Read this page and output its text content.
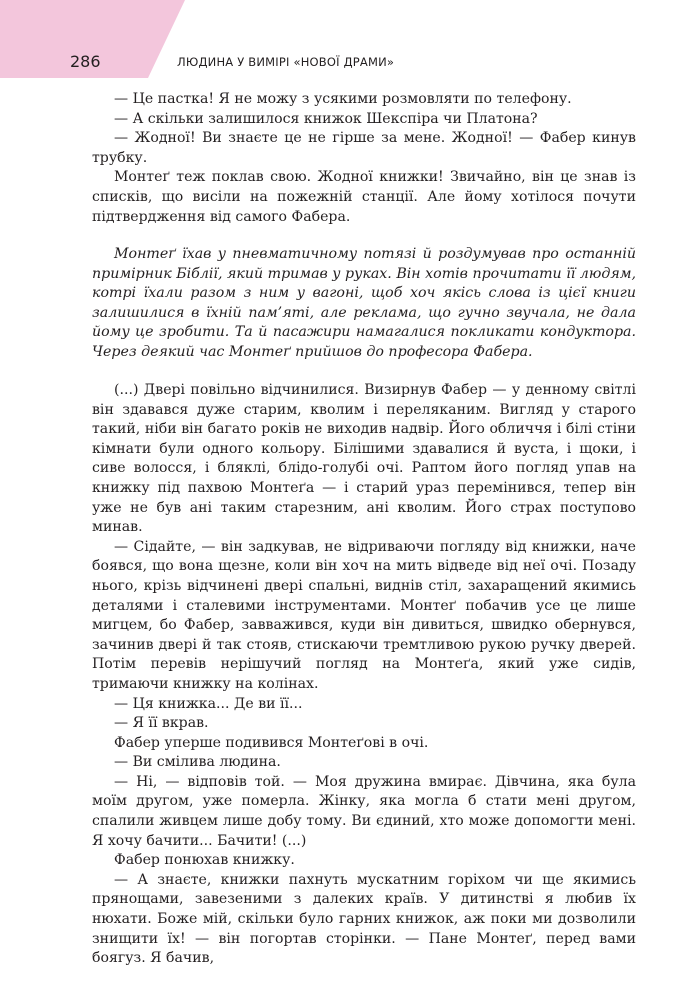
286	ЛЮДИНА У ВИМІРІ «НОВОЇ ДРАМИ»

— Це пастка! Я не можу з усякими розмовляти по телефону.

— А скільки залишилося книжок Шекспіра чи Платона?

— Жодної! Ви знаєте це не гірше за мене. Жодної! — Фабер кинув трубку.

Монтеґ теж поклав свою. Жодної книжки! Звичайно, він це знав із списків, що висіли на пожежній станції. Але йому хотілося почути підтвердження від самого Фабера.

Монтеґ їхав у пневматичному потязі й роздумував про останній примірник Біблії, який тримав у руках. Він хотів прочитати її людям, котрі їхали разом з ним у вагоні, щоб хоч якісь слова із цієї книги залишилися в їхній пам’яті, але реклама, що гучно звучала, не дала йому це зробити. Та й пасажири намагалися покликати кондуктора. Через деякий час Монтеґ прийшов до професора Фабера.

(...) Двері повільно відчинилися. Визирнув Фабер — у денному світлі він здавався дуже старим, кволим і переляканим. Вигляд у старого такий, ніби він багато років не виходив надвір. Його обличчя і білі стіни кімнати були одного кольору. Білішими здавалися й вуста, і щоки, і сиве волосся, і бляклі, блідо-голубі очі. Раптом його погляд упав на книжку під пахвою Монтеґа — і старий ураз перемінився, тепер він уже не був ані таким старезним, ані кволим. Його страх поступово минав.

— Сідайте, — він задкував, не відриваючи погляду від книжки, наче боявся, що вона щезне, коли він хоч на мить відведе від неї очі. Позаду нього, крізь відчинені двері спальні, виднів стіл, захаращений якимись деталями і сталевими інструментами. Монтеґ побачив усе це лише мигцем, бо Фабер, завважився, куди він дивиться, швидко обернувся, зачинив двері й так стояв, стискаючи тремтливою рукою ручку дверей. Потім перевів нерішучий погляд на Монтеґа, який уже сидів, тримаючи книжку на колінах.

— Ця книжка... Де ви її...

— Я її вкрав.

Фабер уперше подивився Монтеґові в очі.

— Ви сміливa людина.

— Ні, — відповів той. — Моя дружина вмирає. Дівчина, яка була моїм другом, уже померла. Жінку, яка могла б стати мені другом, спалили живцем лише добу тому. Ви єдиний, хто може допомогти мені. Я хочу бачити... Бачити! (...)

Фабер понюхав книжку.

— А знаєте, книжки пахнуть мускатним горіхом чи ще якимись прянощами, завезеними з далеких країв. У дитинстві я любив їх нюхати. Боже мій, скільки було гарних книжок, аж поки ми дозволили знищити їх! — він погортав сторінки. — Пане Монтеґ, перед вами боягуз. Я бачив,
